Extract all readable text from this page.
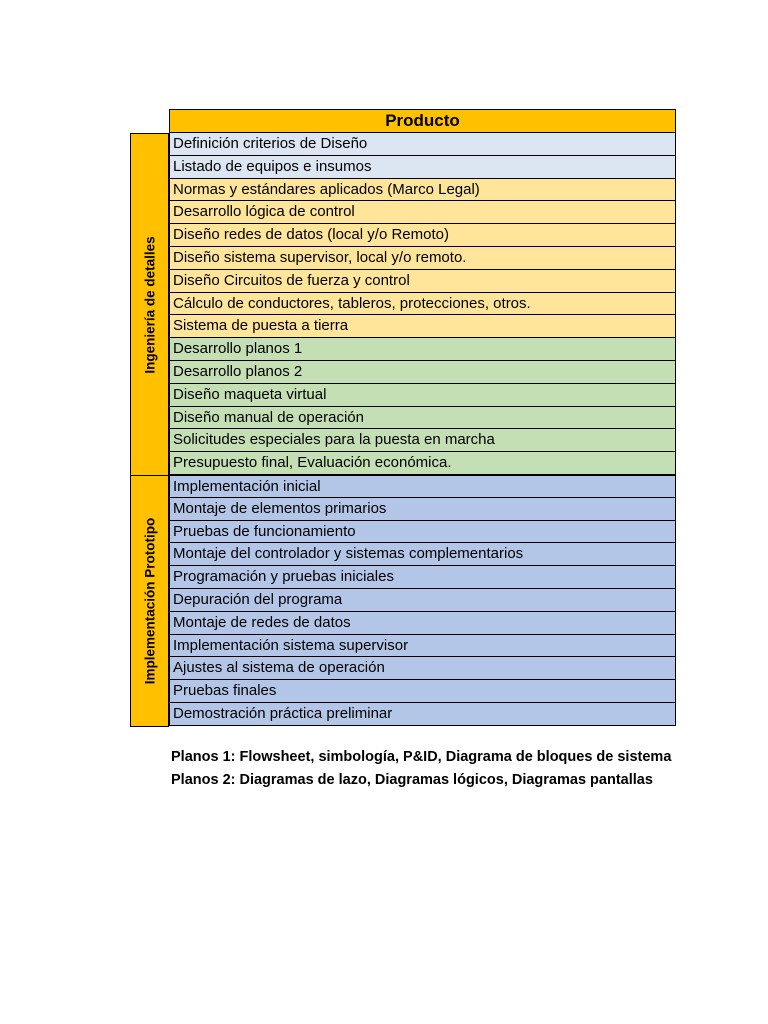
Producto
Ingeniería de detalles
Definición criterios de Diseño
Listado de equipos e insumos
Normas y estándares aplicados (Marco Legal)
Desarrollo lógica de control
Diseño redes de datos (local y/o Remoto)
Diseño sistema supervisor, local y/o remoto.
Diseño Circuitos de fuerza y control
Cálculo de conductores, tableros, protecciones, otros.
Sistema de puesta a tierra
Desarrollo planos 1
Desarrollo planos 2
Diseño maqueta virtual
Diseño manual de operación
Solicitudes especiales para la puesta en marcha
Presupuesto final, Evaluación económica.
Implementación Prototipo
Implementación inicial
Montaje de elementos primarios
Pruebas de funcionamiento
Montaje del controlador y sistemas complementarios
Programación y pruebas iniciales
Depuración del programa
Montaje de redes de datos
Implementación sistema supervisor
Ajustes al sistema de operación
Pruebas finales
Demostración práctica preliminar
Planos 1: Flowsheet, simbología, P&ID, Diagrama de bloques de sistema
Planos 2: Diagramas de lazo, Diagramas lógicos, Diagramas pantallas
